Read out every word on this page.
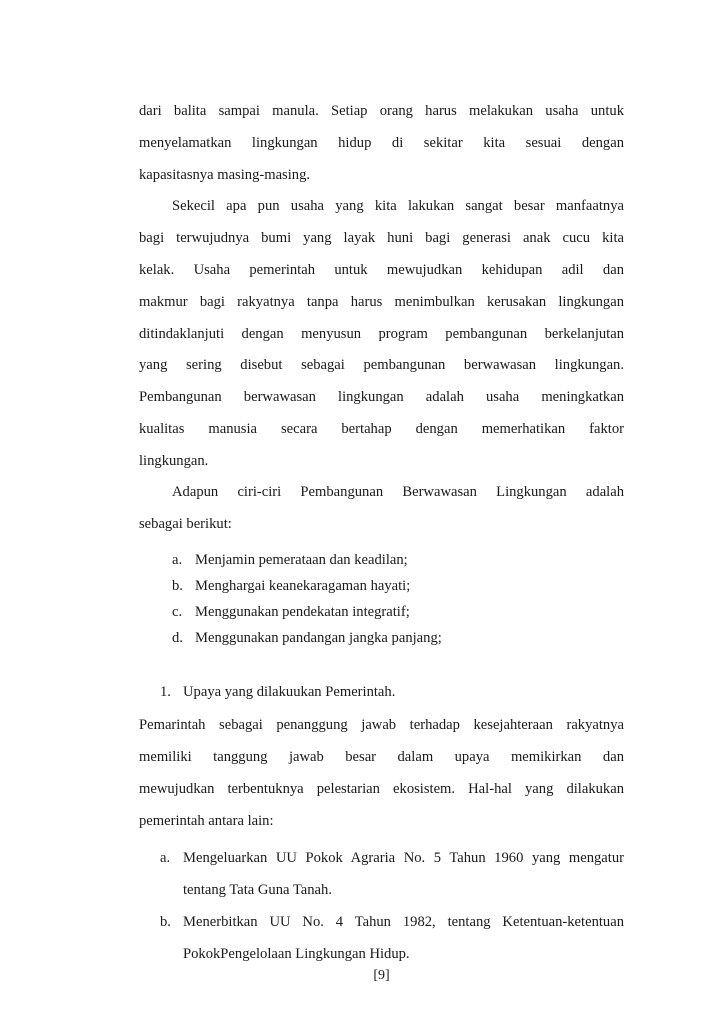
dari balita sampai manula. Setiap orang harus melakukan usaha untuk
menyelamatkan lingkungan hidup di sekitar kita sesuai dengan
kapasitasnya masing-masing.
Sekecil apa pun usaha yang kita lakukan sangat besar manfaatnya
bagi terwujudnya bumi yang layak huni bagi generasi anak cucu kita
kelak. Usaha pemerintah untuk mewujudkan kehidupan adil dan
makmur bagi rakyatnya tanpa harus menimbulkan kerusakan lingkungan
ditindaklanjuti dengan menyusun program pembangunan berkelanjutan
yang sering disebut sebagai pembangunan berwawasan lingkungan.
Pembangunan berwawasan lingkungan adalah usaha meningkatkan
kualitas manusia secara bertahap dengan memerhatikan faktor
lingkungan.
Adapun ciri-ciri Pembangunan Berwawasan Lingkungan adalah
sebagai berikut:
a. Menjamin pemerataan dan keadilan;
b. Menghargai keanekaragaman hayati;
c. Menggunakan pendekatan integratif;
d. Menggunakan pandangan jangka panjang;
1. Upaya yang dilakuukan Pemerintah.
Pemarintah sebagai penanggung jawab terhadap kesejahteraan rakyatnya
memiliki tanggung jawab besar dalam upaya memikirkan dan
mewujudkan terbentuknya pelestarian ekosistem. Hal-hal yang dilakukan
pemerintah antara lain:
a. Mengeluarkan UU Pokok Agraria No. 5 Tahun 1960 yang mengatur
tentang Tata Guna Tanah.
b. Menerbitkan UU No. 4 Tahun 1982, tentang Ketentuan-ketentuan
PokokPengelolaan Lingkungan Hidup.
[9]
